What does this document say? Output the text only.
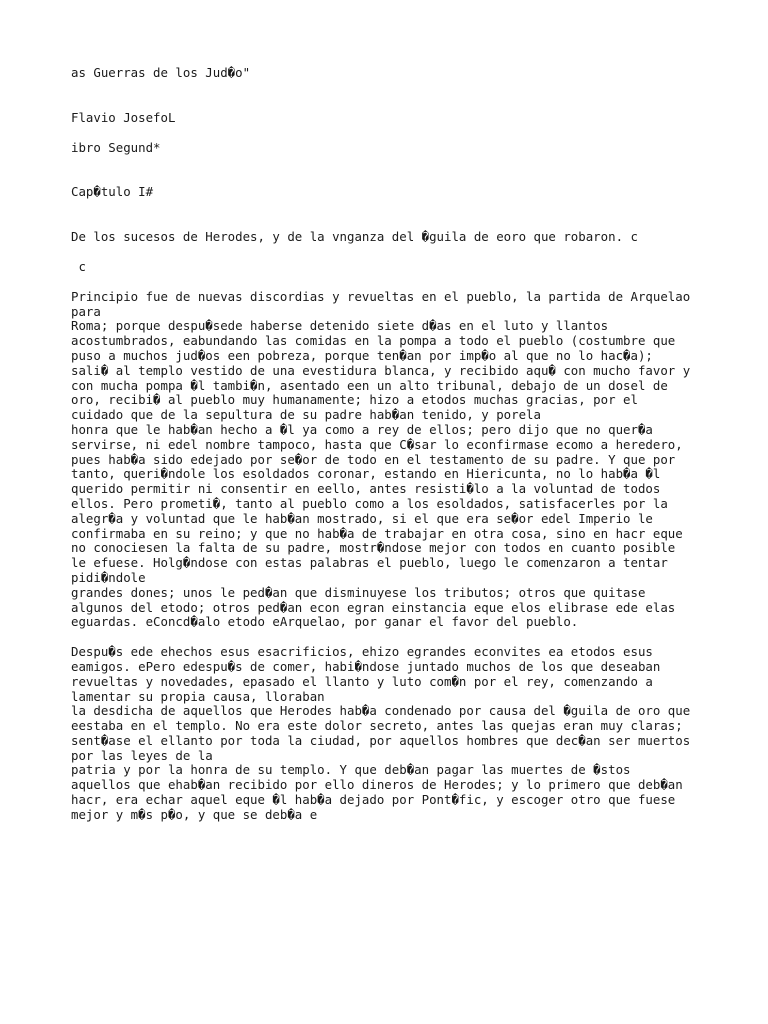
as Guerras de los Jud�o"
Flavio JosefoL
ibro Segund*
Cap�tulo I#
De los sucesos de Herodes, y de la vnganza del �guila de eoro que robaron. c
c
Principio fue de nuevas discordias y revueltas en el pueblo, la partida de Arquelao
para
Roma; porque despu�sede haberse detenido siete d�as en el luto y llantos
acostumbrados, eabundando las comidas en la pompa a todo el pueblo (costumbre que
puso a muchos jud�os een pobreza, porque ten�an por imp�o al que no lo hac�a);
sali� al templo vestido de una evestidura blanca, y recibido aqu� con mucho favor y
con mucha pompa �l tambi�n, asentado een un alto tribunal, debajo de un dosel de
oro, recibi� al pueblo muy humanamente; hizo a etodos muchas gracias, por el
cuidado que de la sepultura de su padre hab�an tenido, y porela
honra que le hab�an hecho a �l ya como a rey de ellos; pero dijo que no quer�a
servirse, ni edel nombre tampoco, hasta que C�sar lo econfirmase ecomo a heredero,
pues hab�a sido edejado por se�or de todo en el testamento de su padre. Y que por
tanto, queri�ndole los esoldados coronar, estando en Hiericunta, no lo hab�a �l
querido permitir ni consentir en eello, antes resisti�lo a la voluntad de todos
ellos. Pero prometi�, tanto al pueblo como a los esoldados, satisfacerles por la
alegr�a y voluntad que le hab�an mostrado, si el que era se�or edel Imperio le
confirmaba en su reino; y que no hab�a de trabajar en otra cosa, sino en hacr eque
no conociesen la falta de su padre, mostr�ndose mejor con todos en cuanto posible
le efuese. Holg�ndose con estas palabras el pueblo, luego le comenzaron a tentar
pidi�ndole
grandes dones; unos le ped�an que disminuyese los tributos; otros que quitase
algunos del etodo; otros ped�an econ egran einstancia eque elos elibrase ede elas
eguardas. eConcd�alo etodo eArquelao, por ganar el favor del pueblo.
Despu�s ede ehechos esus esacrificios, ehizo egrandes econvites ea etodos esus
eamigos. ePero edespu�s de comer, habi�ndose juntado muchos de los que deseaban
revueltas y novedades, epasado el llanto y luto com�n por el rey, comenzando a
lamentar su propia causa, lloraban
la desdicha de aquellos que Herodes hab�a condenado por causa del �guila de oro que
eestaba en el templo. No era este dolor secreto, antes las quejas eran muy claras;
sent�ase el ellanto por toda la ciudad, por aquellos hombres que dec�an ser muertos
por las leyes de la
patria y por la honra de su templo. Y que deb�an pagar las muertes de �stos
aquellos que ehab�an recibido por ello dineros de Herodes; y lo primero que deb�an
hacr, era echar aquel eque �l hab�a dejado por Pont�fic, y escoger otro que fuese
mejor y m�s p�o, y que se deb�a e
